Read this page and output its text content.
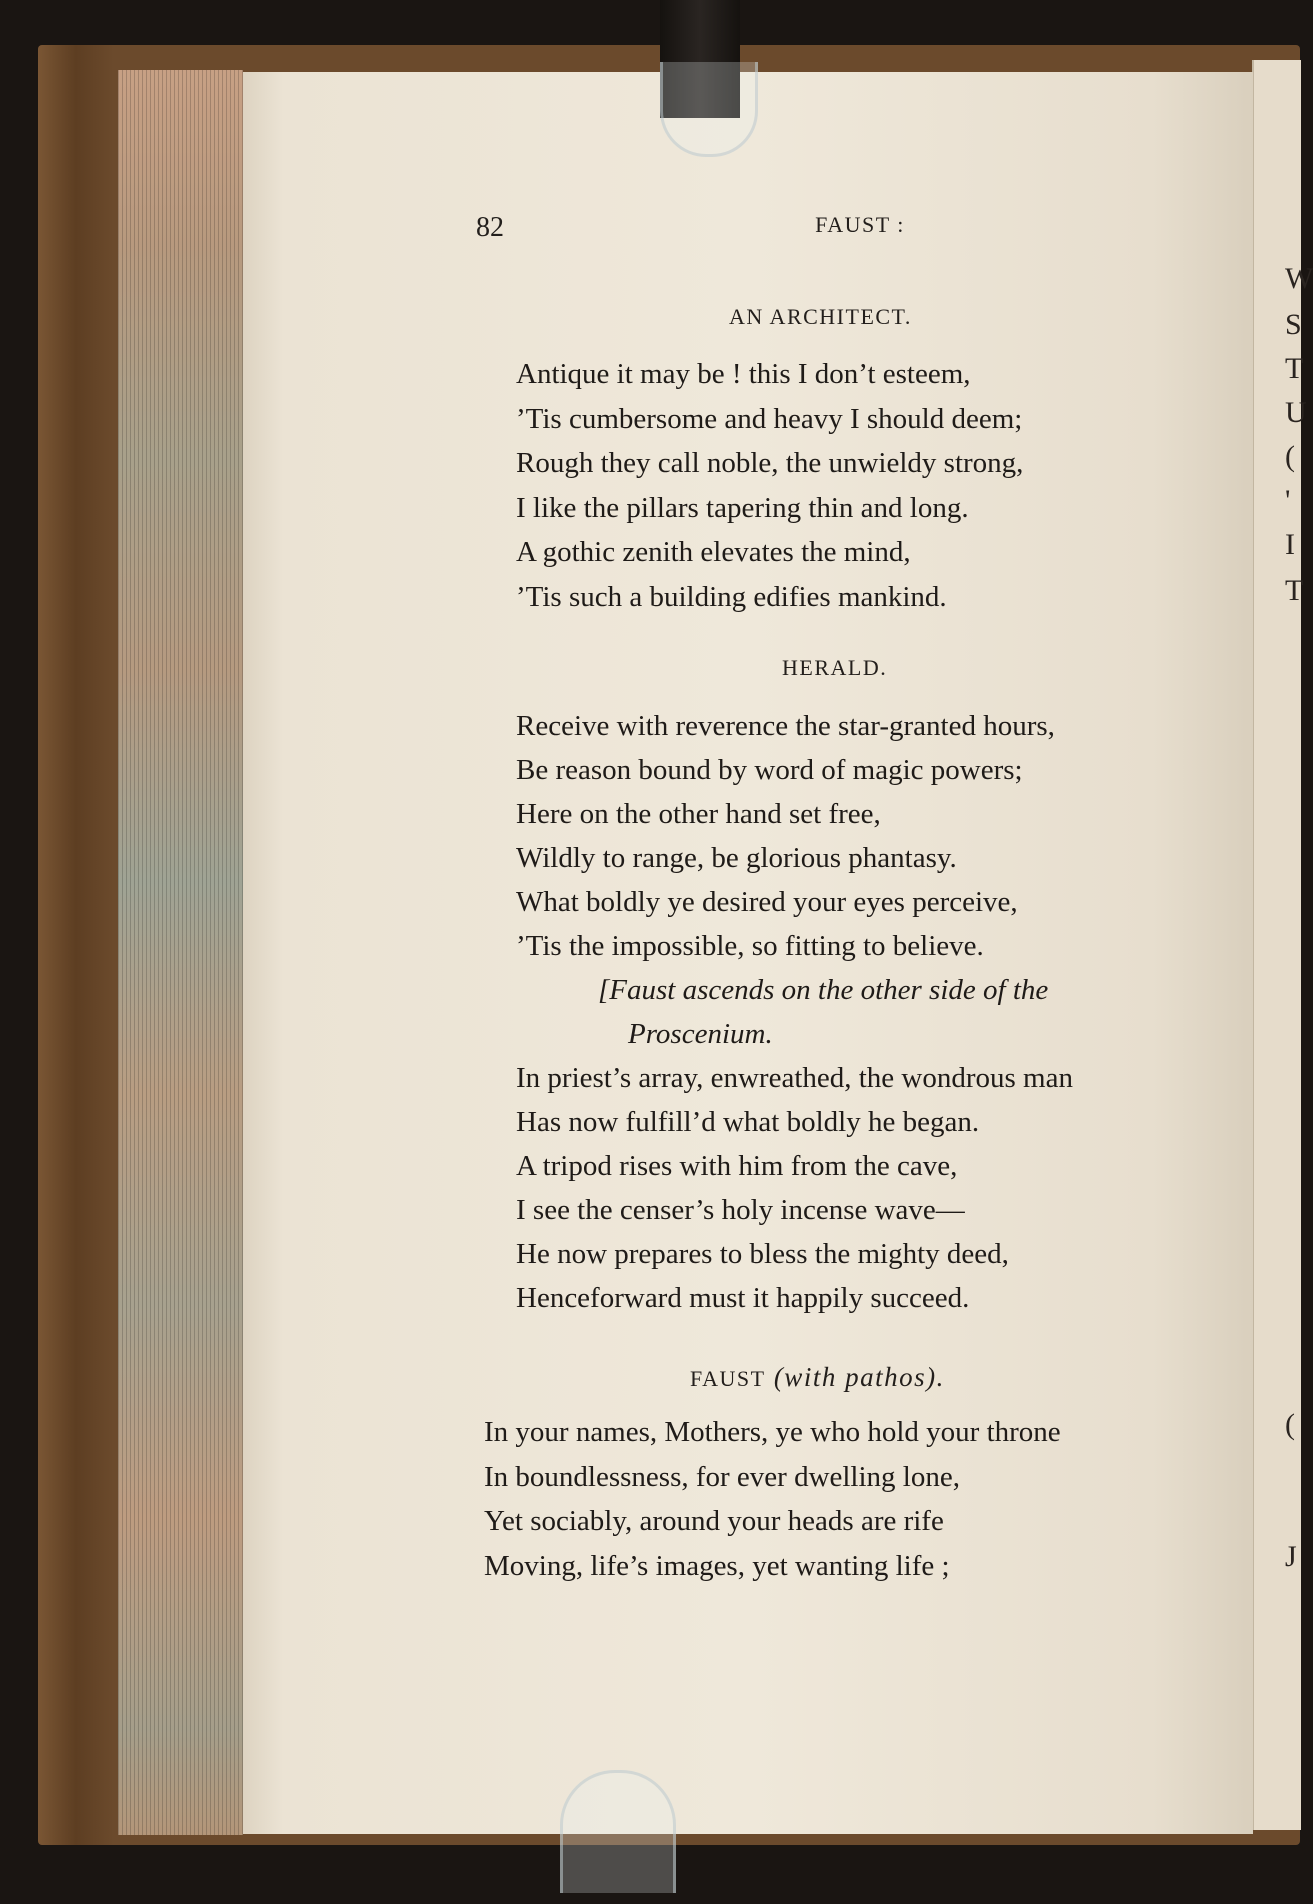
W
S
T
U
(
'
I
T
(
J
82	FAUST :
AN ARCHITECT.
Antique it may be ! this I don’t esteem,
’Tis cumbersome and heavy I should deem;
Rough they call noble, the unwieldy strong,
I like the pillars tapering thin and long.
A gothic zenith elevates the mind,
’Tis such a building edifies mankind.
HERALD.
Receive with reverence the star-granted hours,
Be reason bound by word of magic powers;
Here on the other hand set free,
Wildly to range, be glorious phantasy.
What boldly ye desired your eyes perceive,
’Tis the impossible, so fitting to believe.
[Faust ascends on the other side of the
Proscenium.
In priest’s array, enwreathed, the wondrous man
Has now fulfill’d what boldly he began.
A tripod rises with him from the cave,
I see the censer’s holy incense wave—
He now prepares to bless the mighty deed,
Henceforward must it happily succeed.
FAUST (with pathos).
In your names, Mothers, ye who hold your throne
In boundlessness, for ever dwelling lone,
Yet sociably, around your heads are rife
Moving, life’s images, yet wanting life ;
